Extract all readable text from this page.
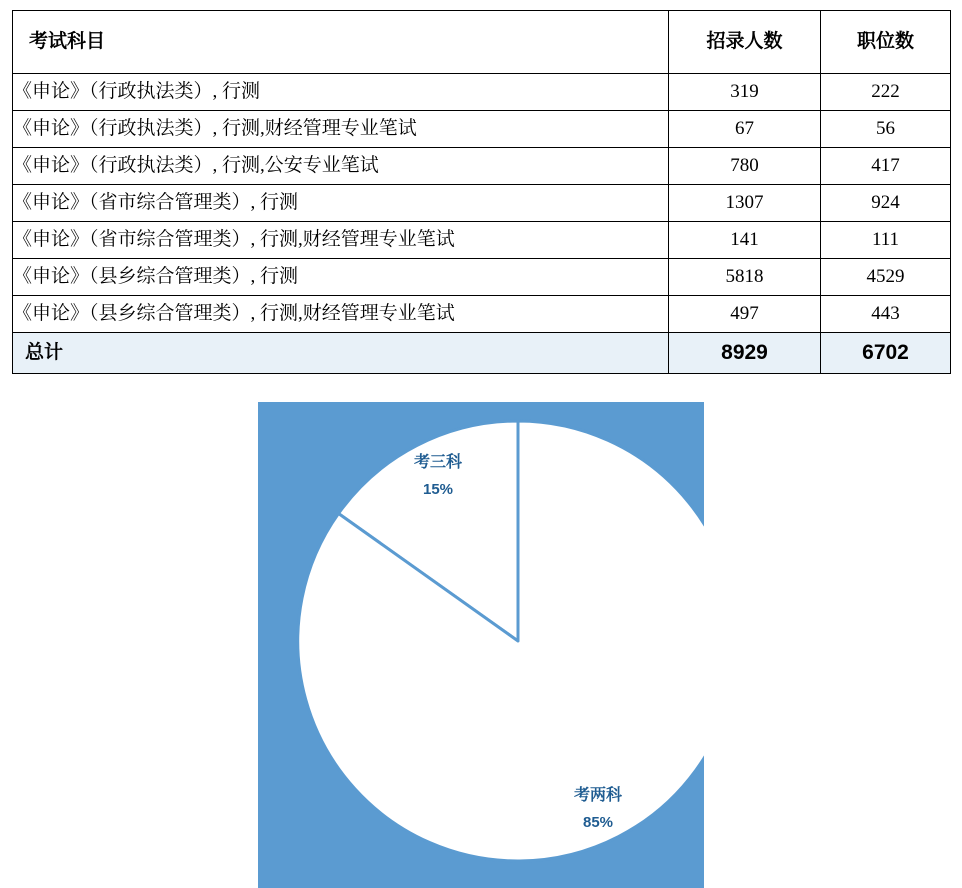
考试科目	招录人数	职位数
《申论》（行政执法类）, 行测	319	222
《申论》（行政执法类）, 行测,财经管理专业笔试	67	56
《申论》（行政执法类）, 行测,公安专业笔试	780	417
《申论》（省市综合管理类）, 行测	1307	924
《申论》（省市综合管理类）, 行测,财经管理专业笔试	141	111
《申论》（县乡综合管理类）, 行测	5818	4529
《申论》（县乡综合管理类）, 行测,财经管理专业笔试	497	443
总计	8929	6702
考三科
15%
考两科
85%
